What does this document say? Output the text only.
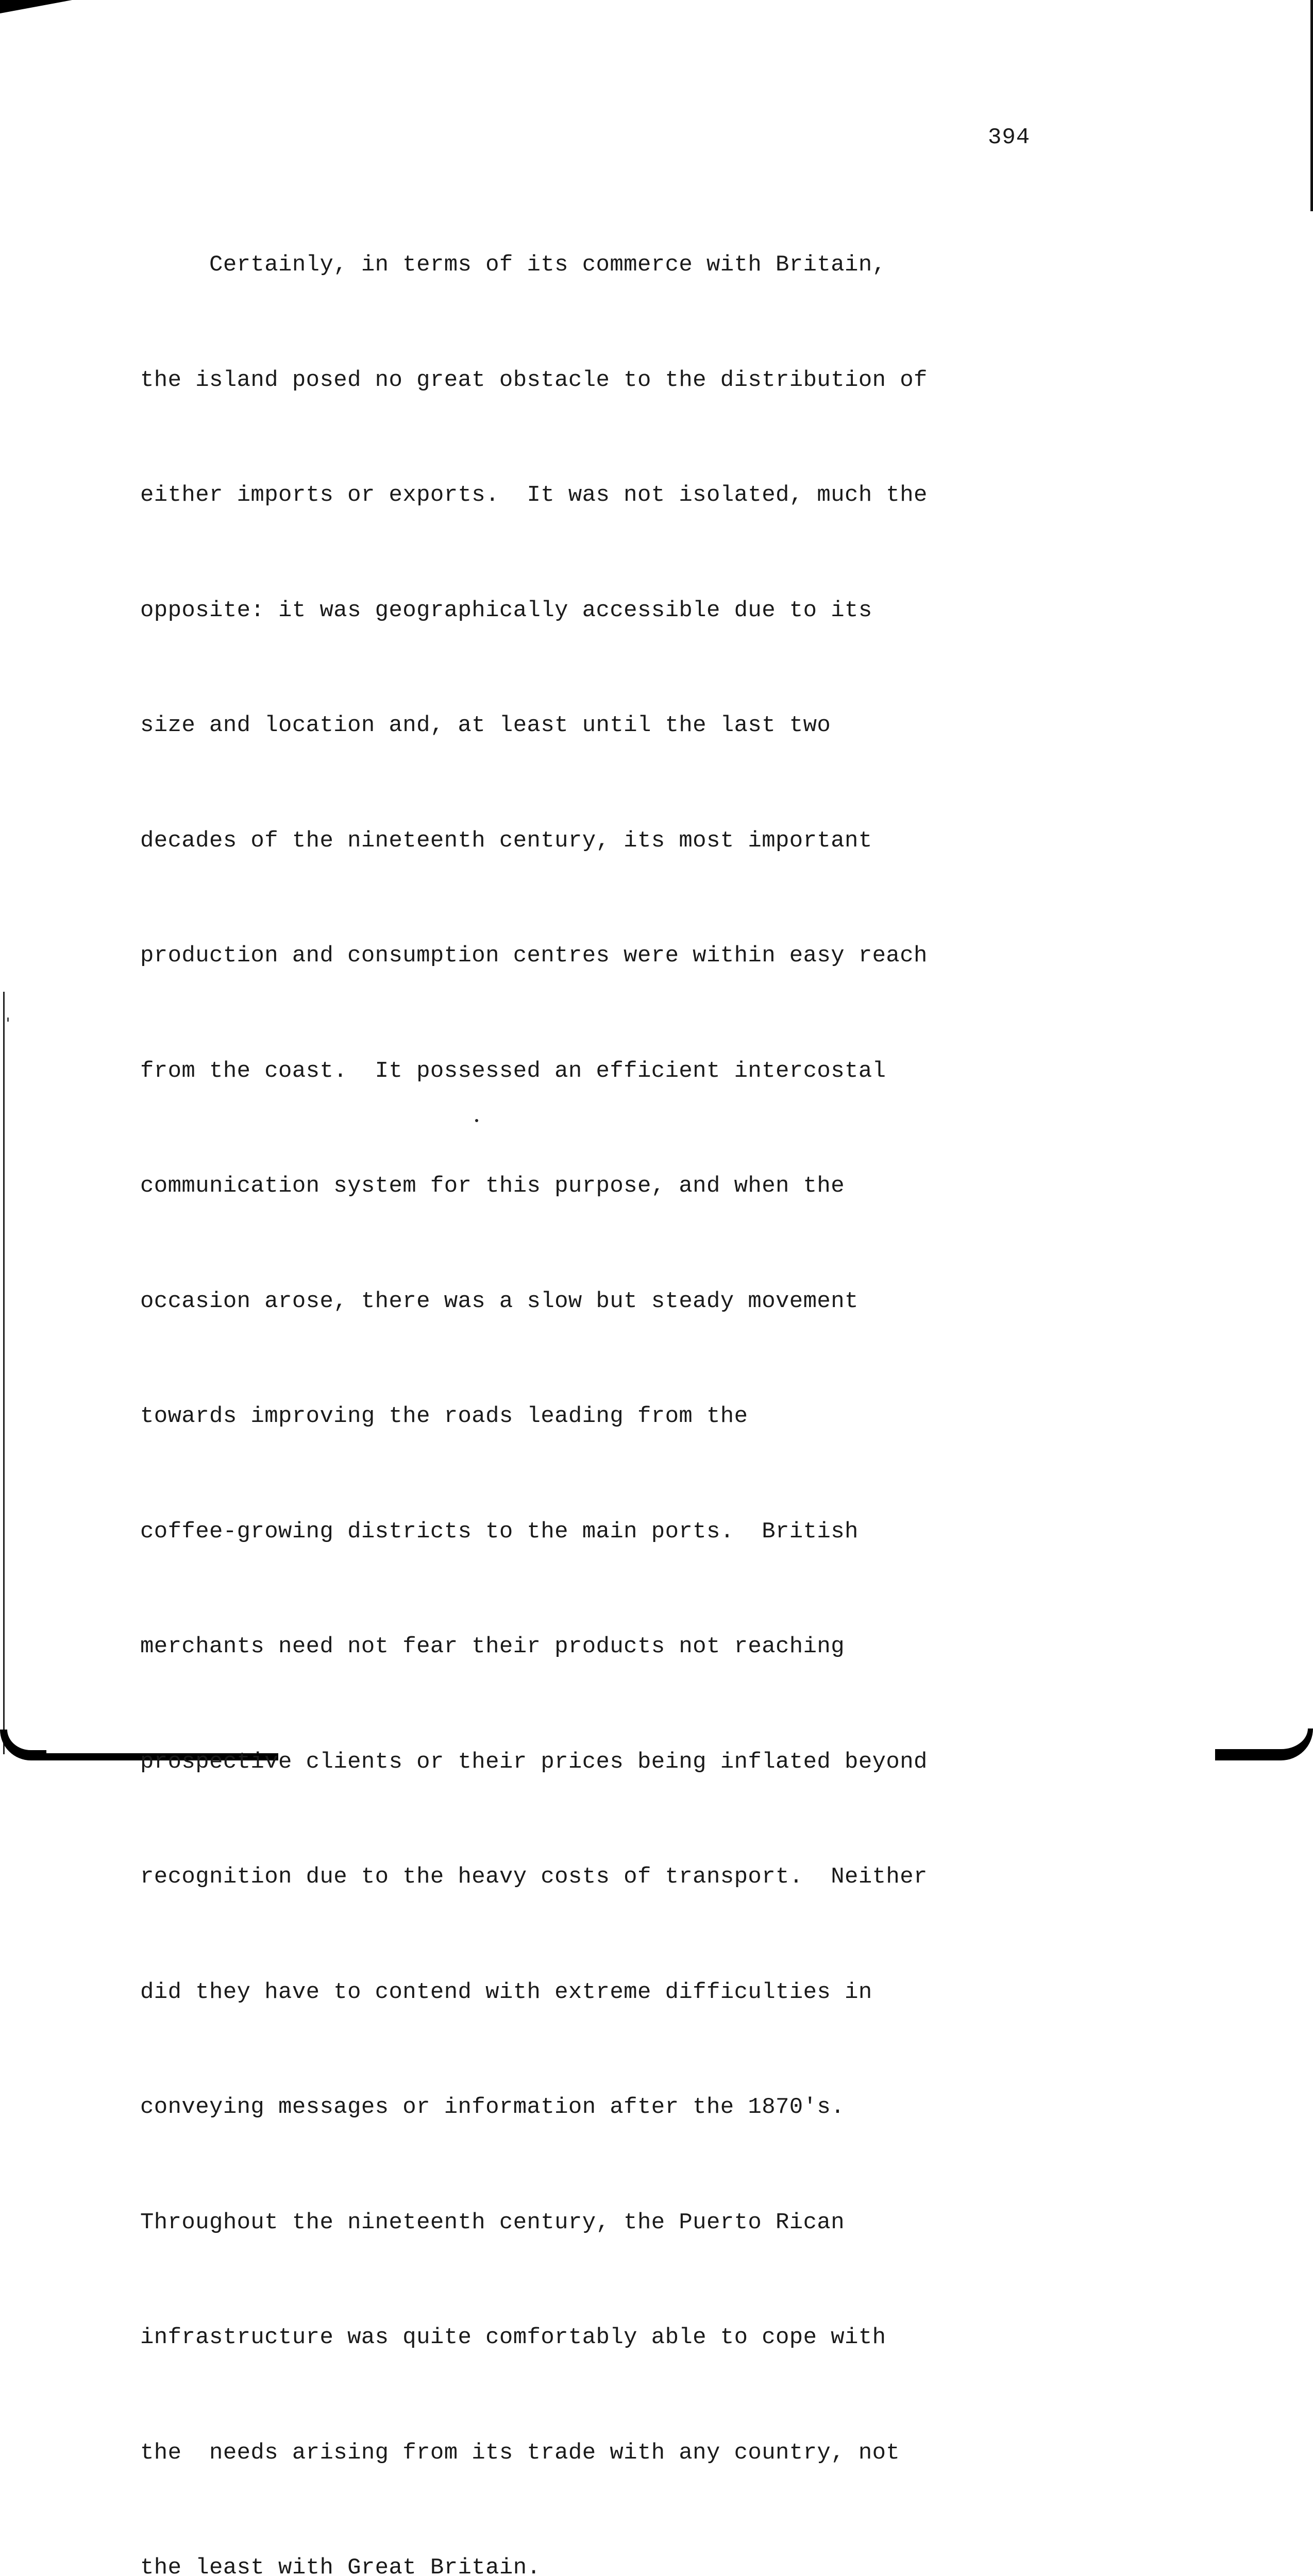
394

Certainly, in terms of its commerce with Britain,

the island posed no great obstacle to the distribution of

either imports or exports.  It was not isolated, much the

opposite: it was geographically accessible due to its

size and location and, at least until the last two

decades of the nineteenth century, its most important

production and consumption centres were within easy reach

from the coast.  It possessed an efficient intercostal

communication system for this purpose, and when the

occasion arose, there was a slow but steady movement

towards improving the roads leading from the

coffee-growing districts to the main ports.  British

merchants need not fear their products not reaching

prospective clients or their prices being inflated beyond

recognition due to the heavy costs of transport.  Neither

did they have to contend with extreme difficulties in

conveying messages or information after the 1870's.

Throughout the nineteenth century, the Puerto Rican

infrastructure was quite comfortably able to cope with

the  needs arising from its trade with any country, not

the least with Great Britain.
